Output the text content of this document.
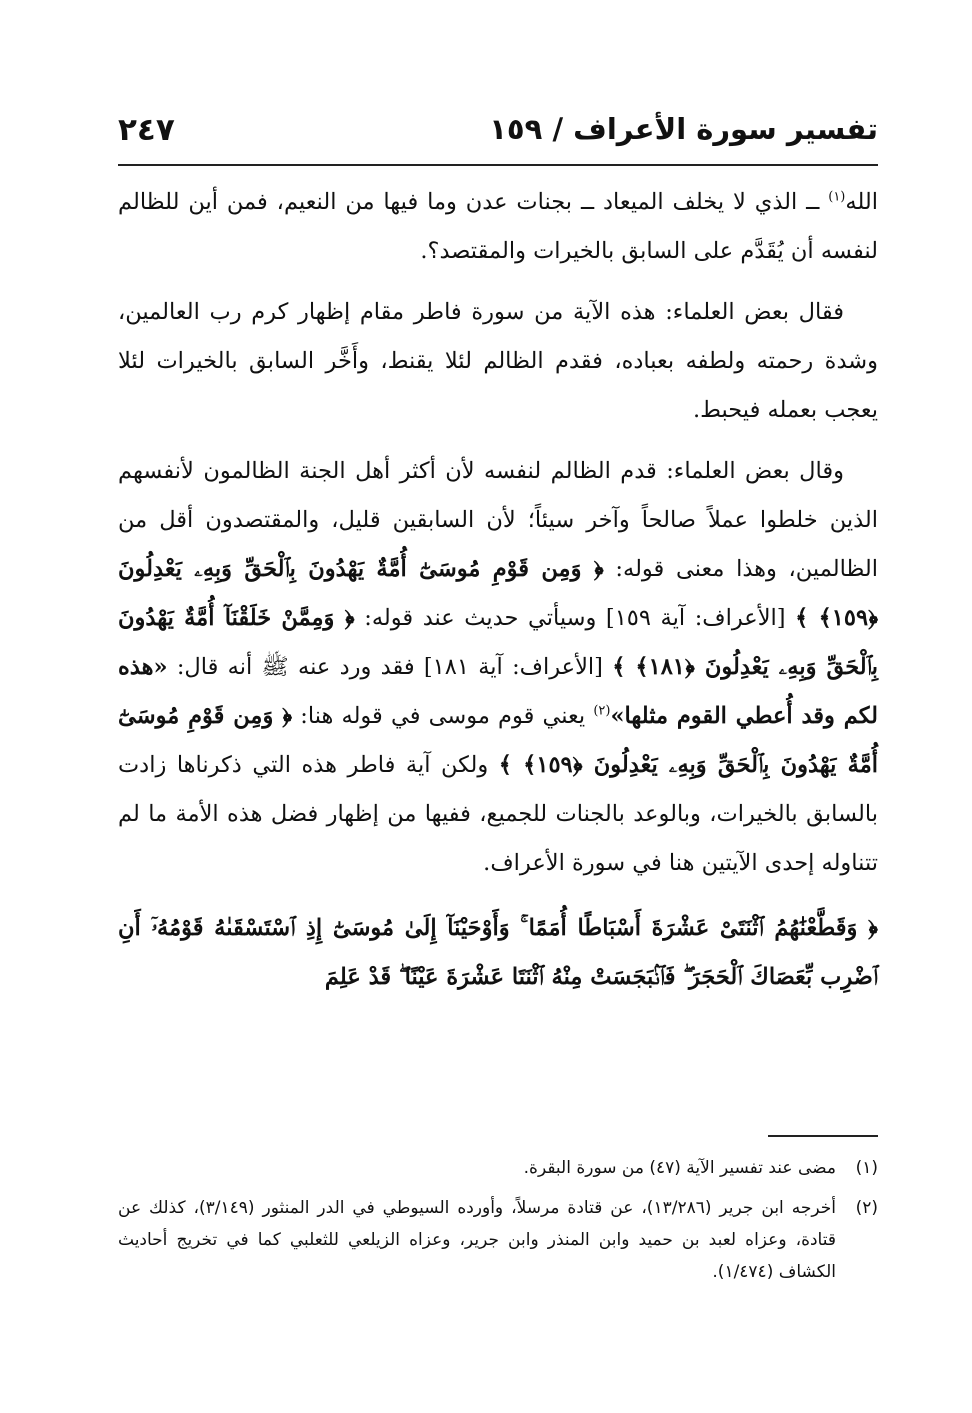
تفسير سورة الأعراف / ١٥٩
٢٤٧

الله$^{(١)}$ ــ الذي لا يخلف الميعاد ــ بجنات عدن وما فيها من النعيم، فمن أين للظالم لنفسه أن يُقَدَّم على السابق بالخيرات والمقتصد؟.

فقال بعض العلماء: هذه الآية من سورة فاطر مقام إظهار كرم رب العالمين، وشدة رحمته ولطفه بعباده، فقدم الظالم لئلا يقنط، وأَخَّر السابق بالخيرات لئلا يعجب بعمله فيحبط.

وقال بعض العلماء: قدم الظالم لنفسه لأن أكثر أهل الجنة الظالمون لأنفسهم الذين خلطوا عملاً صالحاً وآخر سيئاً؛ لأن السابقين قليل، والمقتصدون أقل من الظالمين، وهذا معنى قوله: ﴿ وَمِن قَوْمِ مُوسَىٰٓ أُمَّةٌ يَهْدُونَ بِٱلْحَقِّ وَبِهِۦ يَعْدِلُونَ ﴿١٥٩﴾ ﴾ [الأعراف: آية ١٥٩] وسيأتي حديث عند قوله: ﴿ وَمِمَّنْ خَلَقْنَآ أُمَّةٌ يَهْدُونَ بِٱلْحَقِّ وَبِهِۦ يَعْدِلُونَ ﴿١٨١﴾ ﴾ [الأعراف: آية ١٨١] فقد ورد عنه ﷺ أنه قال: «هذه لكم وقد أُعطي القوم مثلها»$^{(٢)}$ يعني قوم موسى في قوله هنا: ﴿ وَمِن قَوْمِ مُوسَىٰٓ أُمَّةٌ يَهْدُونَ بِٱلْحَقِّ وَبِهِۦ يَعْدِلُونَ ﴿١٥٩﴾ ﴾ ولكن آية فاطر هذه التي ذكرناها زادت بالسابق بالخيرات، وبالوعد بالجنات للجميع، ففيها من إظهار فضل هذه الأمة ما لم تتناوله إحدى الآيتين هنا في سورة الأعراف.

﴿ وَقَطَّعْنَٰهُمُ ٱثْنَتَىْ عَشْرَةَ أَسْبَاطًا أُمَمًا ۚ وَأَوْحَيْنَآ إِلَىٰ مُوسَىٰٓ إِذِ ٱسْتَسْقَىٰهُ قَوْمُهُۥٓ أَنِ ٱضْرِب بِّعَصَاكَ ٱلْحَجَرَ ۖ فَٱنۢبَجَسَتْ مِنْهُ ٱثْنَتَا عَشْرَةَ عَيْنًا ۖ قَدْ عَلِمَ

(١)
مضى عند تفسير الآية (٤٧) من سورة البقرة.
(٢)
أخرجه ابن جرير (١٣/٢٨٦)، عن قتادة مرسلاً، وأورده السيوطي في الدر المنثور (٣/١٤٩)، كذلك عن قتادة، وعزاه لعبد بن حميد وابن المنذر وابن جرير، وعزاه الزيلعي للثعلبي كما في تخريج أحاديث الكشاف (١/٤٧٤).
